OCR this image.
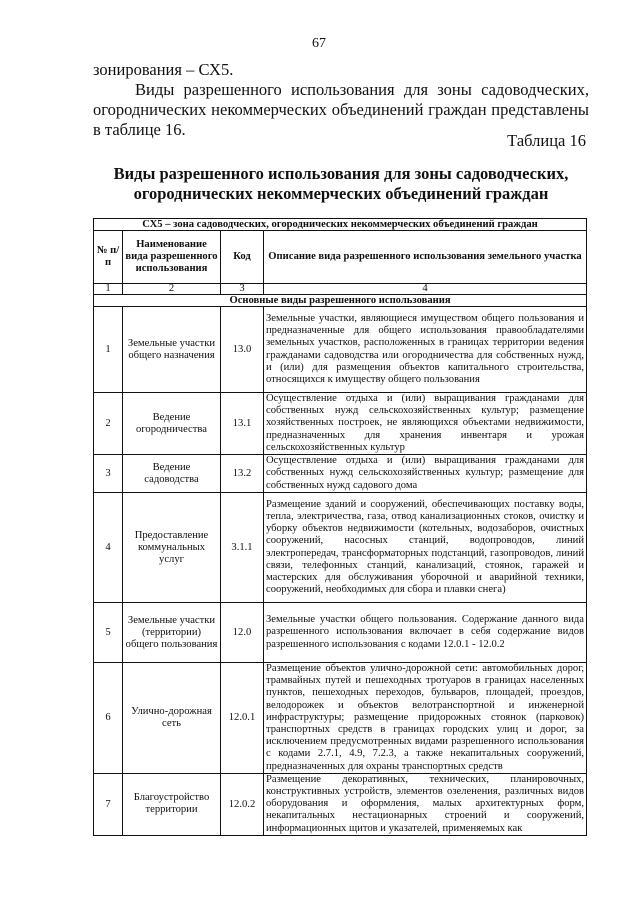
67

зонирования – СХ5.

Виды разрешенного использования для зоны садоводческих, огороднических некоммерческих объединений граждан представлены в таблице 16.

Таблица 16
Виды разрешенного использования для зоны садоводческих, огороднических некоммерческих объединений граждан
СХ5 – зона садоводческих, огороднических некоммерческих объединений граждан			
№ п/п	Наименование вида разрешенного использования	Код	Описание вида разрешенного использования земельного участка
1	2	3	4
Основные виды разрешенного использования			
1	Земельные участки общего назначения	13.0	Земельные участки, являющиеся имуществом общего пользования и предназначенные для общего использования правообладателями земельных участков, расположенных в границах территории ведения гражданами садоводства или огородничества для собственных нужд, и (или) для размещения объектов капитального строительства, относящихся к имуществу общего пользования
2	Ведение огородничества	13.1	Осуществление отдыха и (или) выращивания гражданами для собственных нужд сельскохозяйственных культур; размещение хозяйственных построек, не являющихся объектами недвижимости, предназначенных для хранения инвентаря и урожая сельскохозяйственных культур
3	Ведение садоводства	13.2	Осуществление отдыха и (или) выращивания гражданами для собственных нужд сельскохозяйственных культур; размещение для собственных нужд садового дома
4	Предоставление коммунальных услуг	3.1.1	Размещение зданий и сооружений, обеспечивающих поставку воды, тепла, электричества, газа, отвод канализационных стоков, очистку и уборку объектов недвижимости (котельных, водозаборов, очистных сооружений, насосных станций, водопроводов, линий электропередач, трансформаторных подстанций, газопроводов, линий связи, телефонных станций, канализаций, стоянок, гаражей и мастерских для обслуживания уборочной и аварийной техники, сооружений, необходимых для сбора и плавки снега)
5	Земельные участки (территории) общего пользования	12.0	Земельные участки общего пользования. Содержание данного вида разрешенного использования включает в себя содержание видов разрешенного использования с кодами 12.0.1 - 12.0.2
6	Улично-дорожная сеть	12.0.1	Размещение объектов улично-дорожной сети: автомобильных дорог, трамвайных путей и пешеходных тротуаров в границах населенных пунктов, пешеходных переходов, бульваров, площадей, проездов, велодорожек и объектов велотранспортной и инженерной инфраструктуры; размещение придорожных стоянок (парковок) транспортных средств в границах городских улиц и дорог, за исключением предусмотренных видами разрешенного использования с кодами 2.7.1, 4.9, 7.2.3, а также некапитальных сооружений, предназначенных для охраны транспортных средств
7	Благоустройство территории	12.0.2	Размещение декоративных, технических, планировочных, конструктивных устройств, элементов озеленения, различных видов оборудования и оформления, малых архитектурных форм, некапитальных нестационарных строений и сооружений, информационных щитов и указателей, применяемых как
